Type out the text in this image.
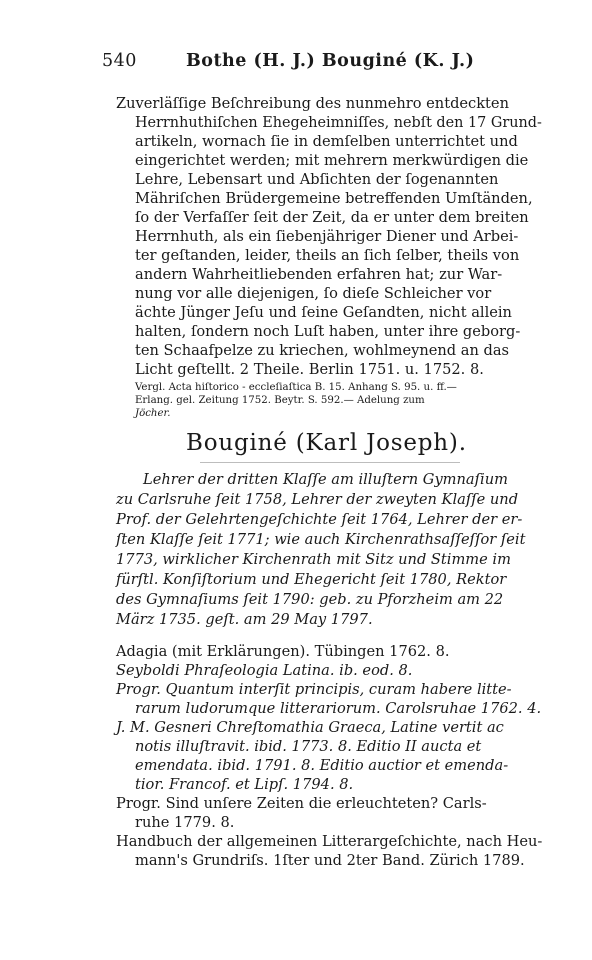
540	Bothe (H. J.) Bouginé (K. J.)
Zuverläſſige Beſchreibung des nunmehro entdeckten
Herrnhuthiſchen Ehegeheimniſſes, nebſt den 17 Grund-
artikeln, wornach ſie in demſelben unterrichtet und
eingerichtet werden; mit mehrern merkwürdigen die
Lehre, Lebensart und Abſichten der ſogenannten
Mähriſchen Brüdergemeine betreffenden Umſtänden,
ſo der Verfaſſer ſeit der Zeit, da er unter dem breiten
Herrnhuth, als ein ſiebenjähriger Diener und Arbei-
ter geſtanden, leider, theils an ſich ſelber, theils von
andern Wahrheitliebenden erfahren hat; zur War-
nung vor alle diejenigen, ſo dieſe Schleicher vor
ächte Jünger Jeſu und ſeine Geſandten, nicht allein
halten, ſondern noch Luſt haben, unter ihre geborg-
ten Schaafpelze zu kriechen, wohlmeynend an das
Licht geſtellt. 2 Theile. Berlin 1751. u. 1752. 8.
Vergl. Acta hiſtorico - eccleſiaſtica B. 15. Anhang S. 95. u. ff.—
Erlang. gel. Zeitung 1752. Beytr. S. 592.— Adelung zum
Jöcher.
Bouginé (Karl Joseph).
Lehrer der dritten Klaſſe am illuſtern Gymnaſium
zu Carlsruhe ſeit 1758, Lehrer der zweyten Klaſſe und
Prof. der Gelehrtengeſchichte ſeit 1764, Lehrer der er-
ſten Klaſſe ſeit 1771; wie auch Kirchenrathsaſſeſſor ſeit
1773, wirklicher Kirchenrath mit Sitz und Stimme im
fürſtl. Konſiſtorium und Ehegericht ſeit 1780, Rektor
des Gymnaſiums ſeit 1790: geb. zu Pforzheim am 22
März 1735. geſt. am 29 May 1797.
Adagia (mit Erklärungen). Tübingen 1762. 8.
Seyboldi Phraſeologia Latina. ib. eod. 8.
Progr. Quantum interſit principis, curam habere litte-
rarum ludorumque litterariorum. Carolsruhae 1762. 4.
J. M. Gesneri Chreſtomathia Graeca, Latine vertit ac
notis illuſtravit. ibid. 1773. 8. Editio II aucta et
emendata. ibid. 1791. 8. Editio auctior et emenda-
tior. Francof. et Lipſ. 1794. 8.
Progr. Sind unſere Zeiten die erleuchteten? Carls-
ruhe 1779. 8.
Handbuch der allgemeinen Litterargeſchichte, nach Heu-
mann's Grundriſs. 1ſter und 2ter Band. Zürich 1789.
